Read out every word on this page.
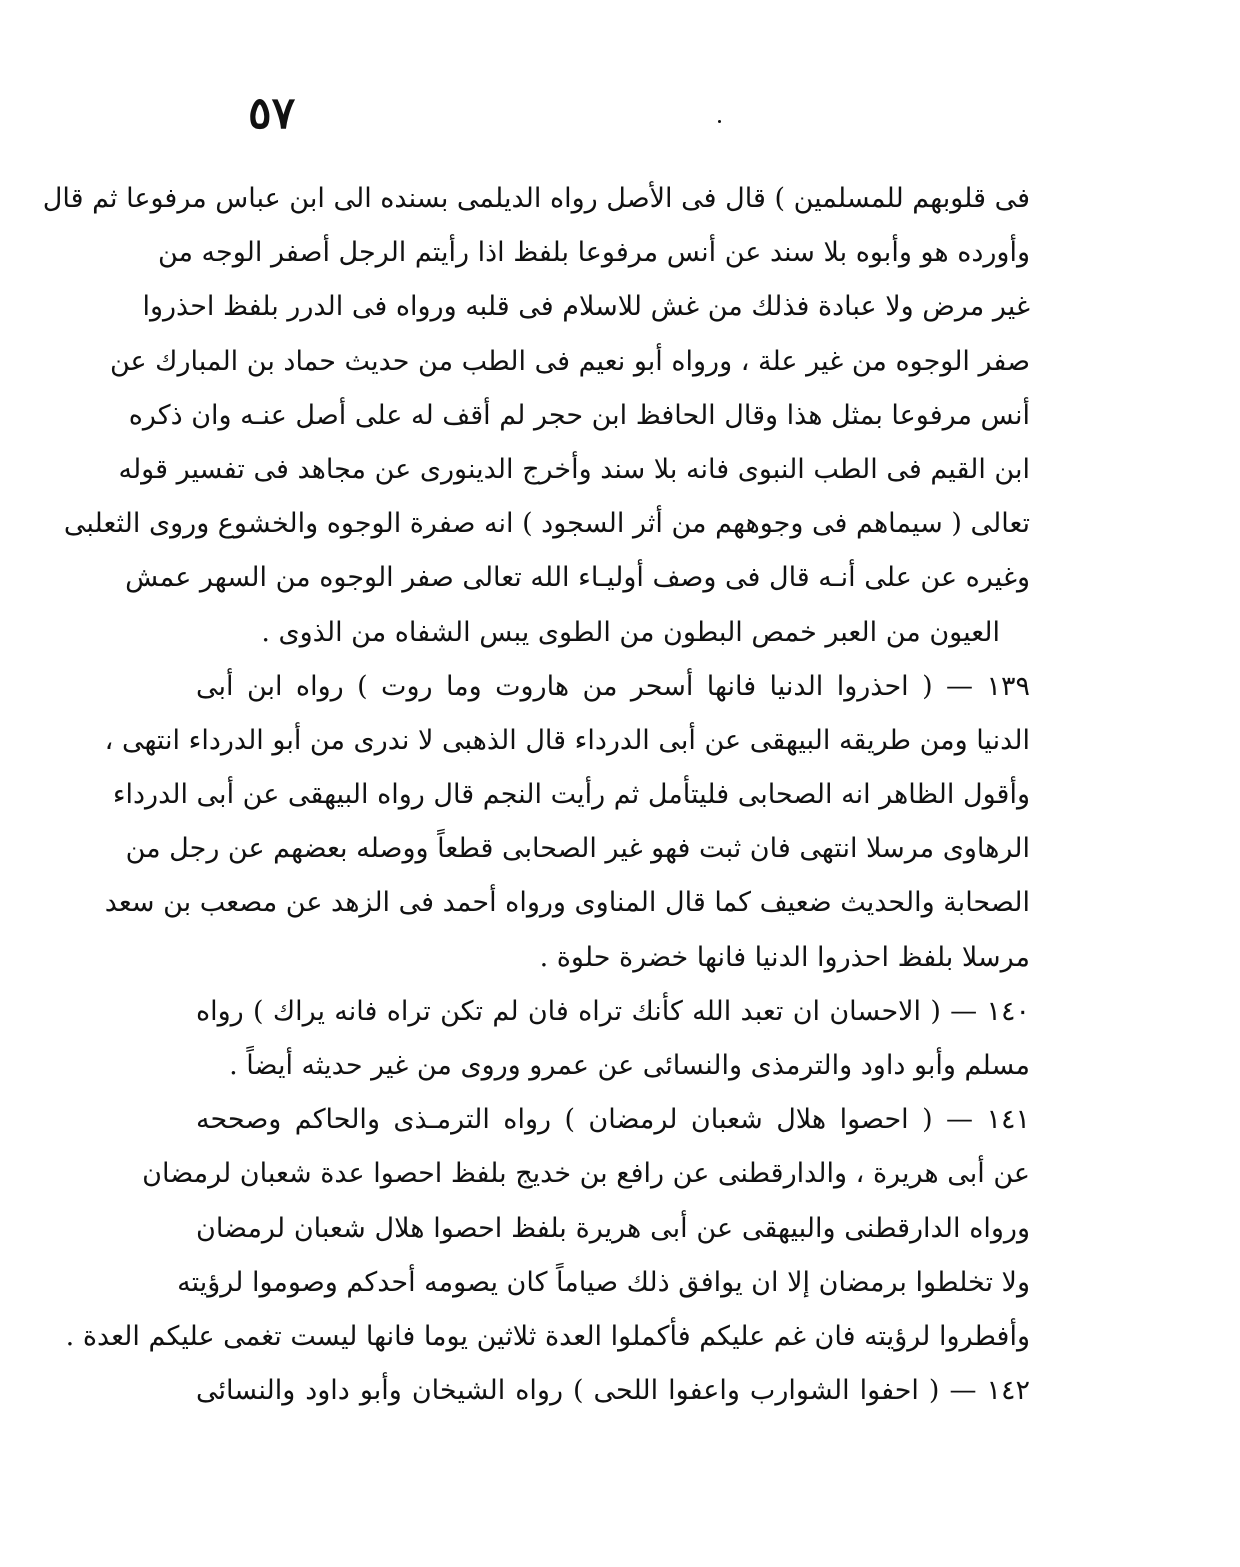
٥٧
فى قلوبهم للمسلمين ) قال فى الأصل رواه الديلمى بسنده الى ابن عباس مرفوعا ثم قال
وأورده هو وأبوه بلا سند عن أنس مرفوعا بلفظ اذا رأيتم الرجل أصفر الوجه من
غير مرض ولا عبادة فذلك من غش للاسلام فى قلبه ورواه فى الدرر بلفظ احذروا
صفر الوجوه من غير علة ، ورواه أبو نعيم فى الطب من حديث حماد بن المبارك عن
أنس مرفوعا بمثل هذا وقال الحافظ ابن حجر لم أقف له على أصل عنـه وان ذكره
ابن القيم فى الطب النبوى فانه بلا سند وأخرج الدينورى عن مجاهد فى تفسير قوله
تعالى ( سيماهم فى وجوههم من أثر السجود ) انه صفرة الوجوه والخشوع وروى الثعلبى
وغيره عن على أنـه قال فى وصف أوليـاء الله تعالى صفر الوجوه من السهر عمش
العيون من العبر خمص البطون من الطوى يبس الشفاه من الذوى .
١٣٩ — ( احذروا الدنيا فانها أسحر من هاروت وما روت ) رواه ابن أبى
الدنيا ومن طريقه البيهقى عن أبى الدرداء قال الذهبى لا ندرى من أبو الدرداء انتهى ،
وأقول الظاهر انه الصحابى فليتأمل ثم رأيت النجم قال رواه البيهقى عن أبى الدرداء
الرهاوى مرسلا انتهى فان ثبت فهو غير الصحابى قطعاً ووصله بعضهم عن رجل من
الصحابة والحديث ضعيف كما قال المناوى ورواه أحمد فى الزهد عن مصعب بن سعد
مرسلا بلفظ احذروا الدنيا فانها خضرة حلوة .
١٤٠ — ( الاحسان ان تعبد الله كأنك تراه فان لم تكن تراه فانه يراك ) رواه
مسلم وأبو داود والترمذى والنسائى عن عمرو وروى من غير حديثه أيضاً .
١٤١ — ( احصوا هلال شعبان لرمضان ) رواه الترمـذى والحاكم وصححه
عن أبى هريرة ، والدارقطنى عن رافع بن خديج بلفظ احصوا عدة شعبان لرمضان
ورواه الدارقطنى والبيهقى عن أبى هريرة بلفظ احصوا هلال شعبان لرمضان
ولا تخلطوا برمضان إلا ان يوافق ذلك صياماً كان يصومه أحدكم وصوموا لرؤيته
وأفطروا لرؤيته فان غم عليكم فأكملوا العدة ثلاثين يوما فانها ليست تغمى عليكم العدة .
١٤٢ — ( احفوا الشوارب واعفوا اللحى ) رواه الشيخان وأبو داود والنسائى
